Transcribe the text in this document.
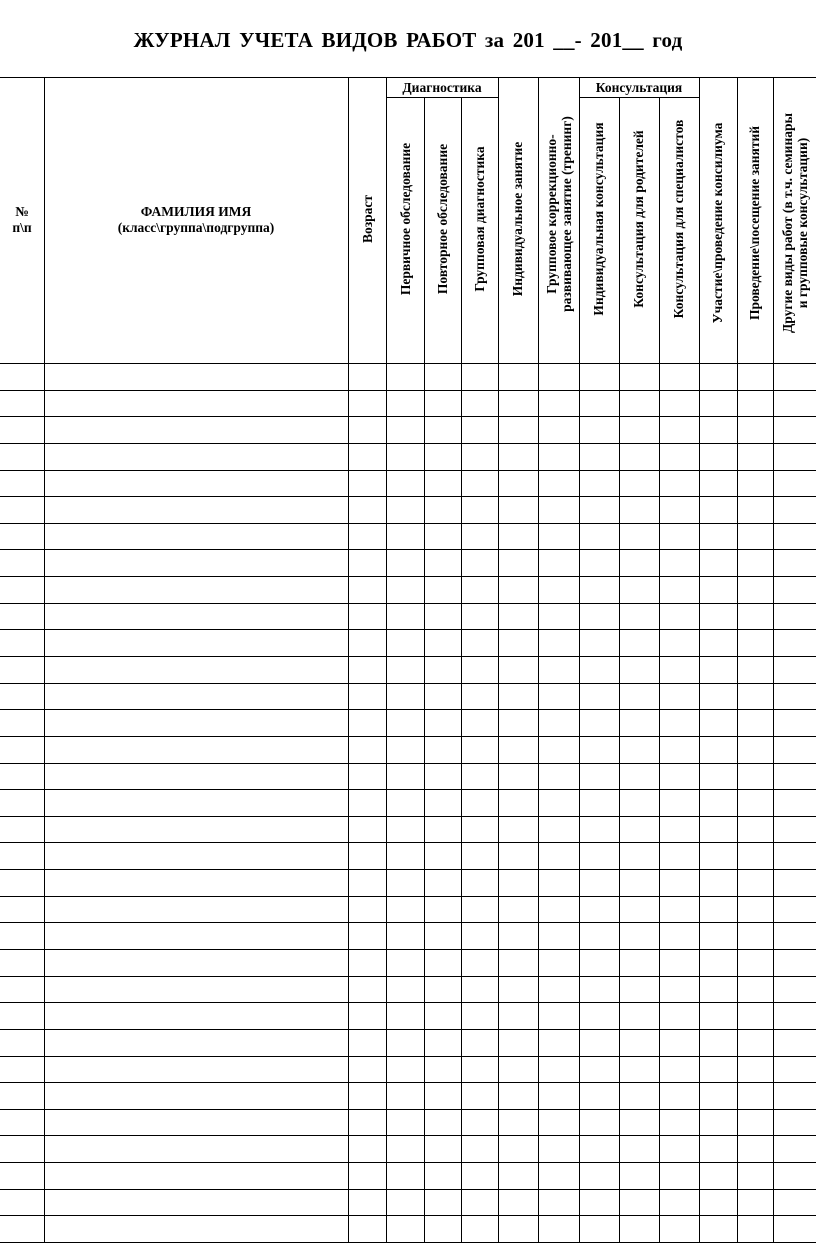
ЖУРНАЛ УЧЕТА ВИДОВ РАБОТ за 201 __- 201__ год
№
п\п
ФАМИЛИЯ ИМЯ
(класс\группа\подгруппа)
Диагностика	Консультация
Возраст Первичное обследование Повторное обследование Групповая диагностика Индивидуальное занятие Групповое коррекционно- развивающее занятие (тренинг) Индивидуальная консультация Консультация для родителей Консультация для специалистов Участие\проведение консилиума Проведение\посещение занятий Другие виды работ (в т.ч. семинары и групповые консультации)
